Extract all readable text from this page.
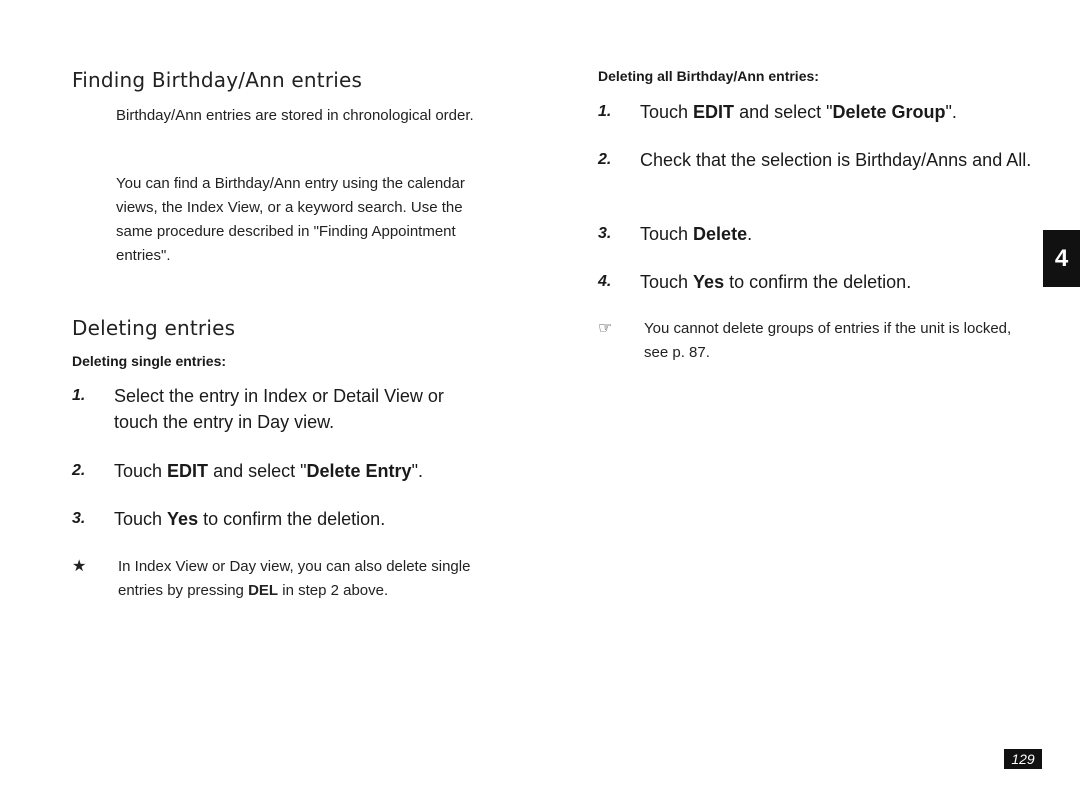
Finding Birthday/Ann entries

Birthday/Ann entries are stored in chronological order.

You can find a Birthday/Ann entry using the calendar views, the Index View, or a keyword search. Use the same procedure described in "Finding Appointment entries".

Deleting entries

Deleting single entries:

1.	Select the entry in Index or Detail View or touch the entry in Day view.
2.	Touch EDIT and select "Delete Entry".
3.	Touch Yes to confirm the deletion.
★	In Index View or Day view, you can also delete single entries by pressing DEL in step 2 above.

Deleting all Birthday/Ann entries:

1.	Touch EDIT and select "Delete Group".
2.	Check that the selection is Birthday/Anns and All.
3.	Touch Delete.
4.	Touch Yes to confirm the deletion.
☞	You cannot delete groups of entries if the unit is locked, see p. 87.
4
129
